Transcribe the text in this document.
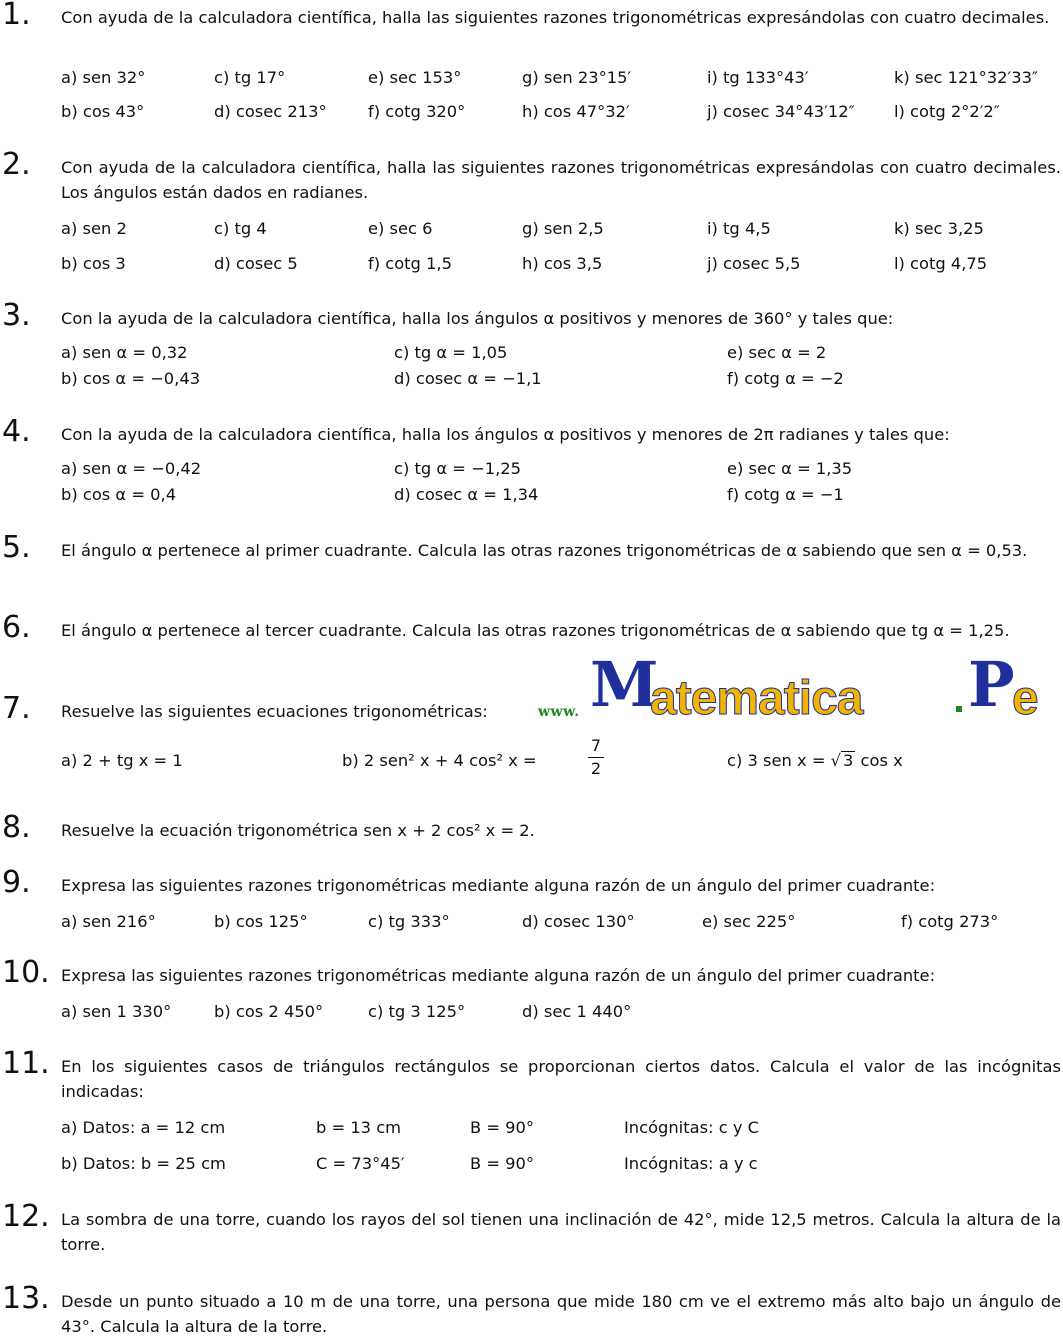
1. Con ayuda de la calculadora científica, halla las siguientes razones trigonométricas expresándolas con cuatro decimales.
a) sen 32°	c) tg 17°	e) sec 153°	g) sen 23°15′	i) tg 133°43′	k) sec 121°32′33″
b) cos 43°	d) cosec 213°	f) cotg 320°	h) cos 47°32′	j) cosec 34°43′12″ l) cotg 2°2′2″
2. Con ayuda de la calculadora científica, halla las siguientes razones trigonométricas expresándolas con cuatro decimales. Los ángulos están dados en radianes.
a) sen 2	c) tg 4	e) sec 6	g) sen 2,5	i) tg 4,5	k) sec 3,25
b) cos 3	d) cosec 5	f) cotg 1,5	h) cos 3,5	j) cosec 5,5	l) cotg 4,75
3. Con la ayuda de la calculadora científica, halla los ángulos α positivos y menores de 360° y tales que:
a) sen α = 0,32	c) tg α = 1,05	e) sec α = 2
b) cos α = −0,43	d) cosec α = −1,1	f) cotg α = −2
4. Con la ayuda de la calculadora científica, halla los ángulos α positivos y menores de 2π radianes y tales que:
a) sen α = −0,42	c) tg α = −1,25	e) sec α = 1,35
b) cos α = 0,4	d) cosec α = 1,34	f) cotg α = −1
5. El ángulo α pertenece al primer cuadrante. Calcula las otras razones trigonométricas de α sabiendo que sen α = 0,53.
6. El ángulo α pertenece al tercer cuadrante. Calcula las otras razones trigonométricas de α sabiendo que tg α = 1,25.
7. Resuelve las siguientes ecuaciones trigonométricas:	www. M
atematica P
e
a) 2 + tg x = 1	b) 2 sen² x + 4 cos² x =	$\frac{7}{2}$	c) 3 sen x = √ 3 cos x
8. Resuelve la ecuación trigonométrica sen x + 2 cos² x = 2.
9. Expresa las siguientes razones trigonométricas mediante alguna razón de un ángulo del primer cuadrante:
a) sen 216°	b) cos 125°	c) tg 333°	d) cosec 130°	e) sec 225°	f) cotg 273°
10. Expresa las siguientes razones trigonométricas mediante alguna razón de un ángulo del primer cuadrante:
a) sen 1 330°	b) cos 2 450°	c) tg 3 125°	d) sec 1 440°
11. En los siguientes casos de triángulos rectángulos se proporcionan ciertos datos. Calcula el valor de las incógnitas indicadas:
a) Datos: a = 12 cm	b = 13 cm	B = 90°	Incógnitas: c y C
b) Datos: b = 25 cm	C = 73°45′	B = 90°	Incógnitas: a y c
12. La sombra de una torre, cuando los rayos del sol tienen una inclinación de 42°, mide 12,5 metros. Calcula la altura de la torre.
13. Desde un punto situado a 10 m de una torre, una persona que mide 180 cm ve el extremo más alto bajo un ángulo de 43°. Calcula la altura de la torre.
